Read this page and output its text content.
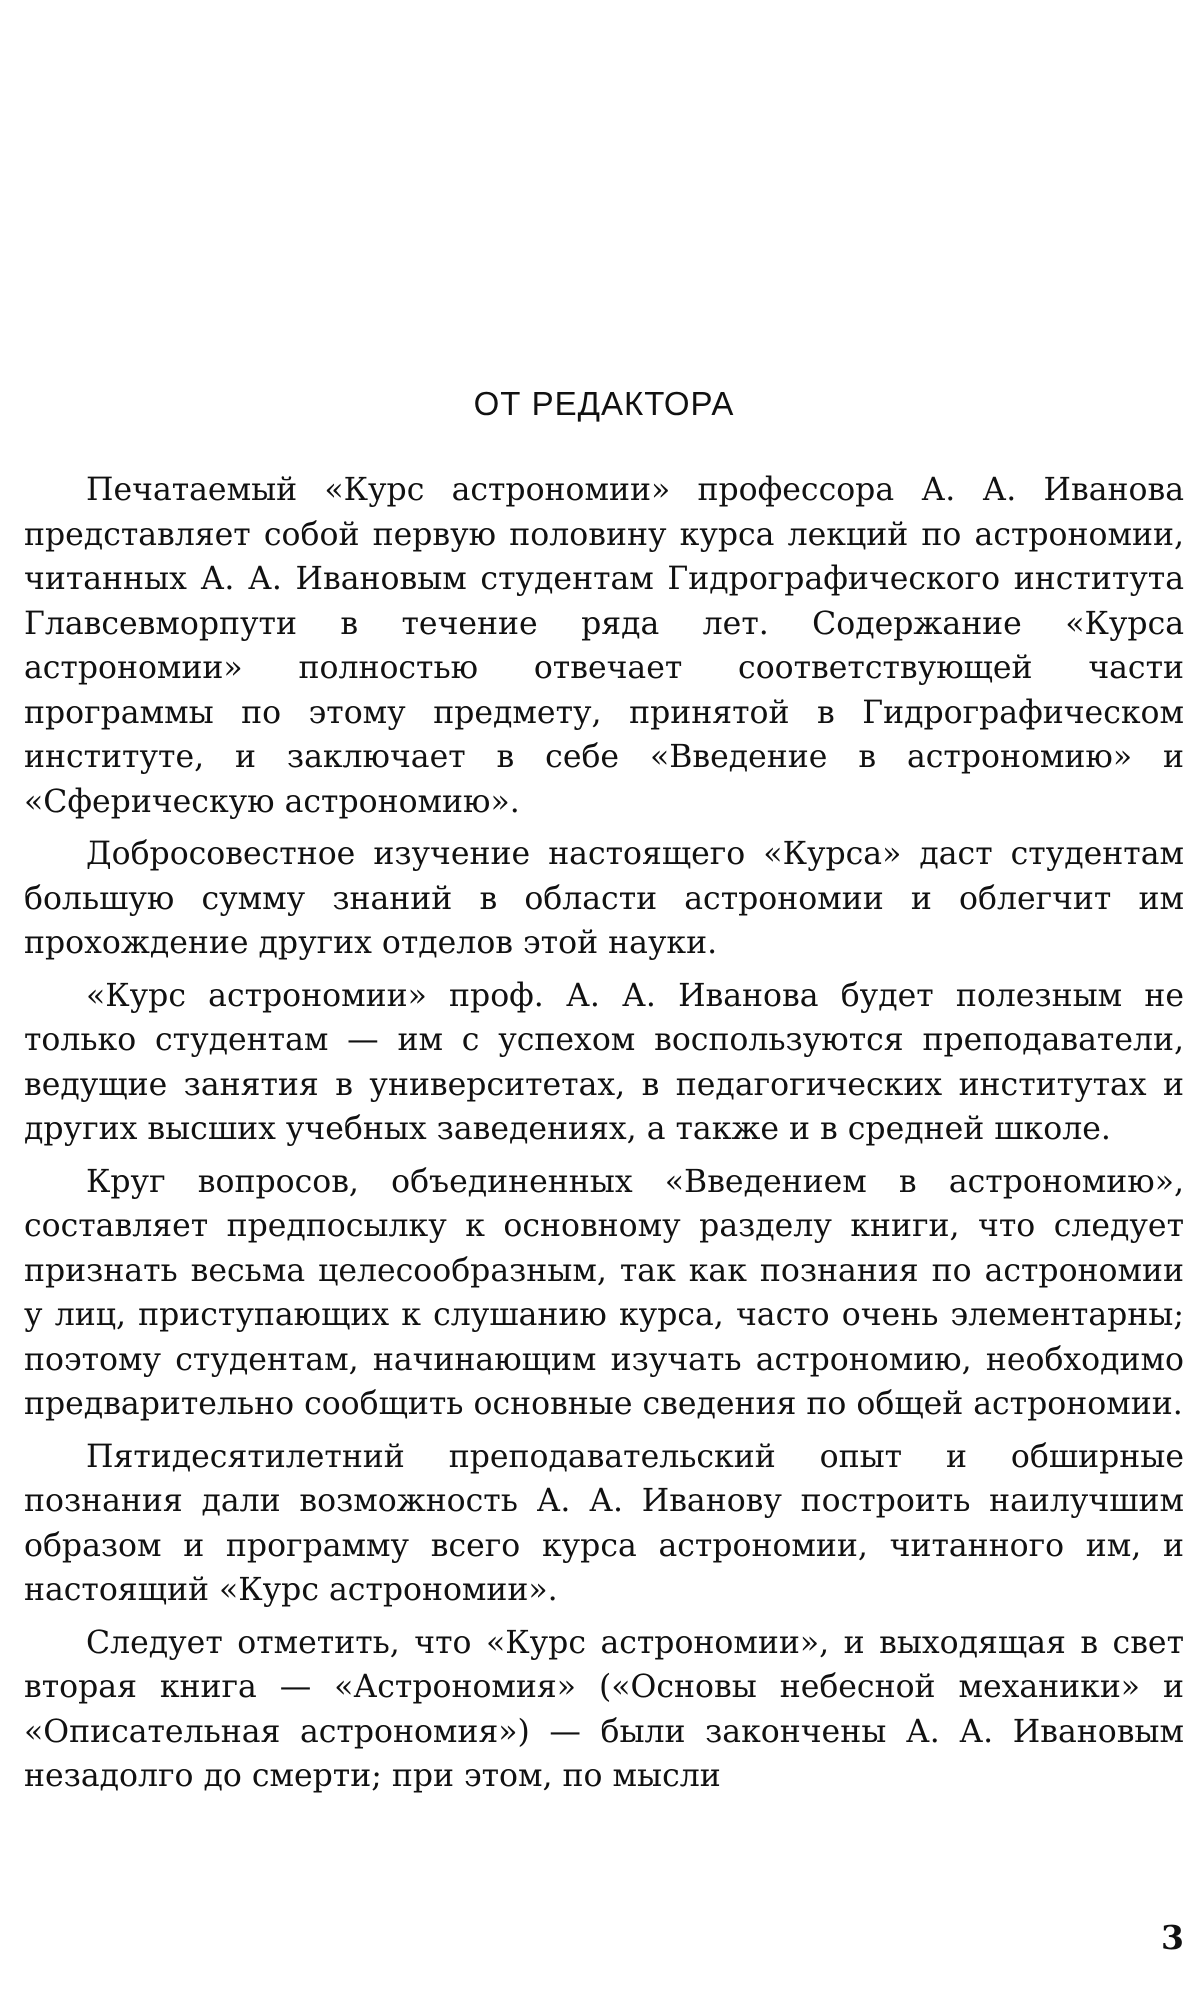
ОТ РЕДАКТОРА

Печатаемый «Курс астрономии» профессора А. А. Иванова представляет собой первую половину курса лекций по астрономии, читанных А. А. Ивановым студентам Гидрографического института Главсевморпути в течение ряда лет. Содержание «Курса астрономии» полностью отвечает соответствующей части программы по этому предмету, принятой в Гидрографическом институте, и заключает в себе «Введение в астрономию» и «Сферическую астрономию».

Добросовестное изучение настоящего «Курса» даст студентам большую сумму знаний в области астрономии и облегчит им прохождение других отделов этой науки.

«Курс астрономии» проф. А. А. Иванова будет полезным не только студентам — им с успехом воспользуются преподаватели, ведущие занятия в университетах, в педагогических институтах и других высших учебных заведениях, а также и в средней школе.

Круг вопросов, объединенных «Введением в астрономию», составляет предпосылку к основному разделу книги, что следует признать весьма целесообразным, так как познания по астрономии у лиц, приступающих к слушанию курса, часто очень элементарны; поэтому студентам, начинающим изучать астрономию, необходимо предварительно сообщить основные сведения по общей астрономии.

Пятидесятилетний преподавательский опыт и обширные познания дали возможность А. А. Иванову построить наилучшим образом и программу всего курса астрономии, читанного им, и настоящий «Курс астрономии».

Следует отметить, что «Курс астрономии», и выходящая в свет вторая книга — «Астрономия» («Основы небесной механики» и «Описательная астрономия») — были закончены А. А. Ивановым незадолго до смерти; при этом, по мысли

3
